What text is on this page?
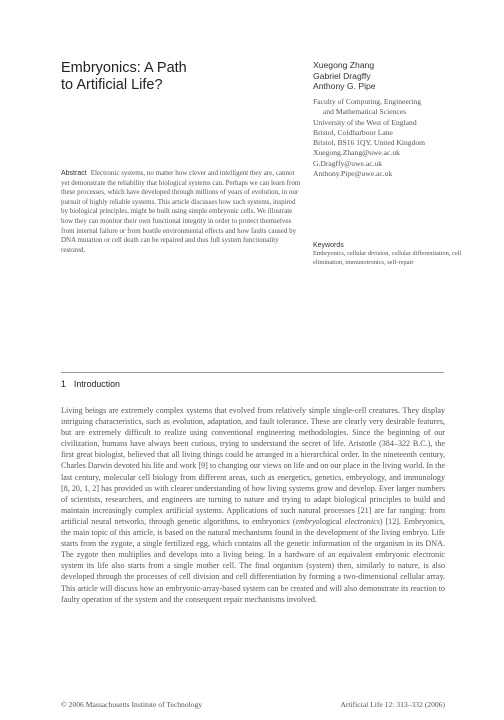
Embryonics: A Path
to Artificial Life?
Xuegong Zhang
Gabriel Dragffy
Anthony G. Pipe
Faculty of Computing, Engineering
and Mathematical Sciences
University of the West of England
Bristol, Coldharbour Lane
Bristol, BS16 1QY, United Kingdom
Xuegong.Zhang@uwe.ac.uk
G.Dragffy@uwe.ac.uk
Anthony.Pipe@uwe.ac.uk
Abstract Electronic systems, no matter how clever and intelligent they are, cannot yet demonstrate the reliability that biological systems can. Perhaps we can learn from these processes, which have developed through millions of years of evolution, in our pursuit of highly reliable systems. This article discusses how such systems, inspired by biological principles, might be built using simple embryonic cells. We illustrate how they can monitor their own functional integrity in order to protect themselves from internal failure or from hostile environmental effects and how faults caused by DNA mutation or cell death can be repaired and thus full system functionality restored.
Keywords
Embryonics, cellular division, cellular differentiation, cell elimination, immunotronics, self-repair
1 Introduction
Living beings are extremely complex systems that evolved from relatively simple single-cell creatures. They display intriguing characteristics, such as evolution, adaptation, and fault tolerance. These are clearly very desirable features, but are extremely difficult to realize using conventional engineering methodologies. Since the beginning of our civilization, humans have always been curious, trying to understand the secret of life. Aristotle (384–322 B.C.), the first great biologist, believed that all living things could be arranged in a hierarchical order. In the nineteenth century, Charles Darwin devoted his life and work [9] to changing our views on life and on our place in the living world. In the last century, molecular cell biology from different areas, such as energetics, genetics, embryology, and immunology [8, 20, 1, 2] has provided us with clearer understanding of how living systems grow and develop. Ever larger numbers of scientists, researchers, and engineers are turning to nature and trying to adapt biological principles to build and maintain increasingly complex artificial systems. Applications of such natural processes [21] are far ranging: from artificial neural networks, through genetic algorithms, to embryonics (embryological electronics) [12]. Embryonics, the main topic of this article, is based on the natural mechanisms found in the development of the living embryo. Life starts from the zygote, a single fertilized egg, which contains all the genetic information of the organism in its DNA. The zygote then multiplies and develops into a living being. In a hardware of an equivalent embryonic electronic system its life also starts from a single mother cell. The final organism (system) then, similarly to nature, is also developed through the processes of cell division and cell differentiation by forming a two-dimensional cellular array. This article will discuss how an embryonic-array-based system can be created and will also demonstrate its reaction to faulty operation of the system and the consequent repair mechanisms involved.
© 2006 Massachusetts Institute of Technology	Artificial Life 12: 313–332 (2006)
